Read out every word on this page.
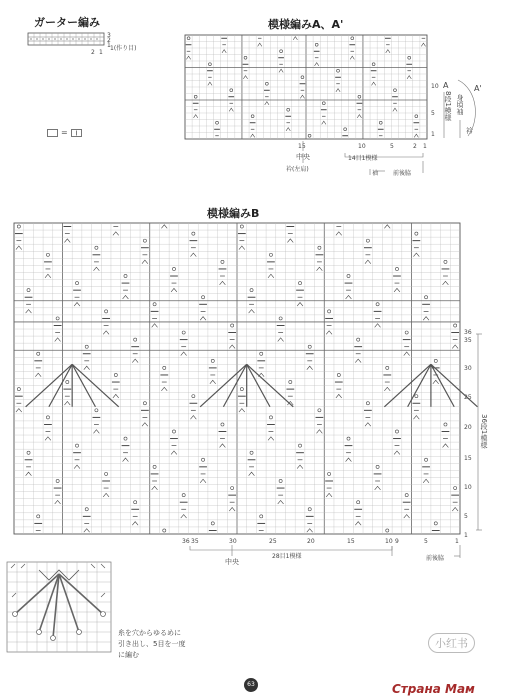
ガーター編み
3
2
1
2 1
1(作り目)
=
模様編みA、A'
10
5
1
A
8段1模様
A'
身頃袖
衿
15	10	5	2 1
中央
衿(左肩)
14目1模様
袖 前後脇
模様編みB
36
35
30
25
20
15
10
5
1
36段1模様
36 35	30	25	20	15	10 9	5	1
中央
28目1模様	前後脇
糸を穴からゆるめに
引き出し、5目を一度
に編む
63
小红书
Страна Мам
